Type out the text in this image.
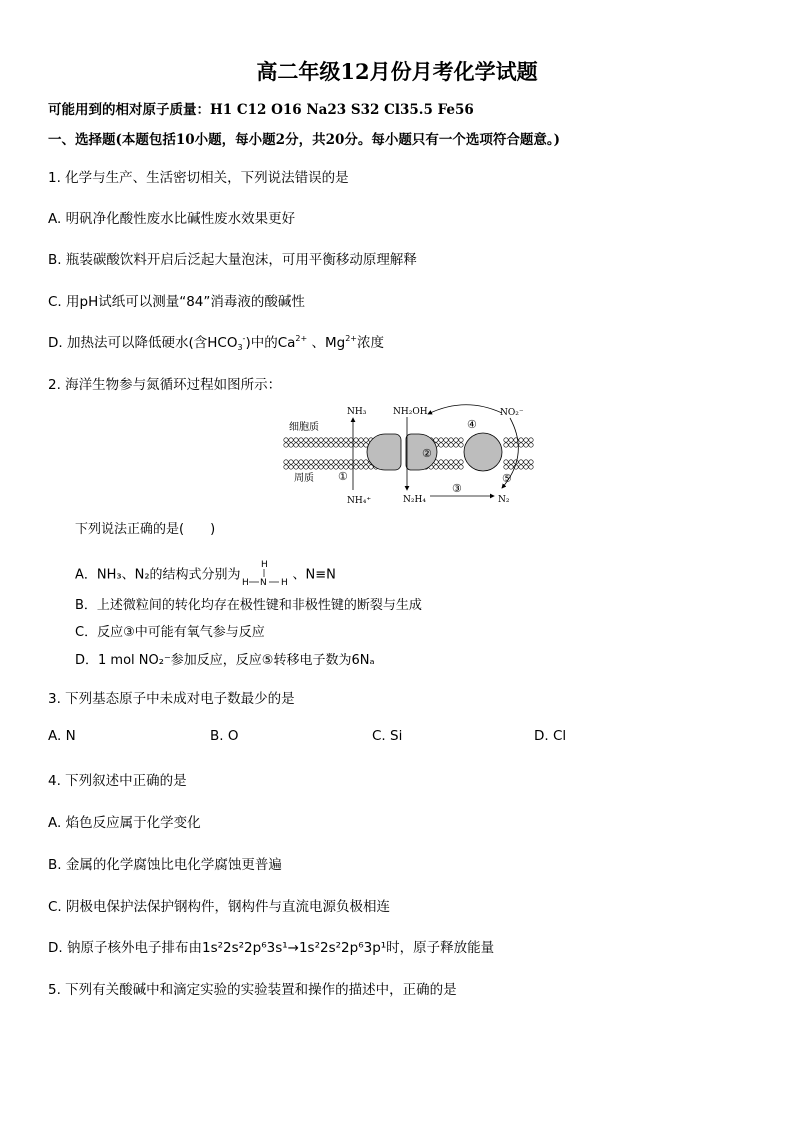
高二年级12月份月考化学试题
可能用到的相对原子质量：H1 C12 O16 Na23 S32 Cl35.5 Fe56
一、选择题(本题包括10小题，每小题2分，共20分。每小题只有一个选项符合题意。)
1. 化学与生产、生活密切相关，下列说法错误的是
A. 明矾净化酸性废水比碱性废水效果更好
B. 瓶装碳酸饮料开启后泛起大量泡沫，可用平衡移动原理解释
C. 用pH试纸可以测量“84”消毒液的酸碱性
D. 加热法可以降低硬水(含$HCO_3^-$)中的$Ca^{2+}$ 、$Mg^{2+}$浓度
2. 海洋生物参与氮循环过程如图所示：
细胞质
周质
NH₃	NH₂OH	NO₂⁻
NH₄⁺	N₂H₄	N₂
①
②
③
④
⑤
下列说法正确的是(　　)
A．NH₃、N₂的结构式分别为
H
H N H
、N≡N
B．上述微粒间的转化均存在极性键和非极性键的断裂与生成
C．反应③中可能有氧气参与反应
D．1 mol NO₂⁻参加反应，反应⑤转移电子数为6Nₐ
3. 下列基态原子中未成对电子数最少的是
A. N	B. O	C. Si	D. Cl
4. 下列叙述中正确的是
A. 焰色反应属于化学变化
B. 金属的化学腐蚀比电化学腐蚀更普遍
C. 阴极电保护法保护钢构件，钢构件与直流电源负极相连
D. 钠原子核外电子排布由1s²2s²2p⁶3s¹→1s²2s²2p⁶3p¹时，原子释放能量
5. 下列有关酸碱中和滴定实验的实验装置和操作的描述中，正确的是
